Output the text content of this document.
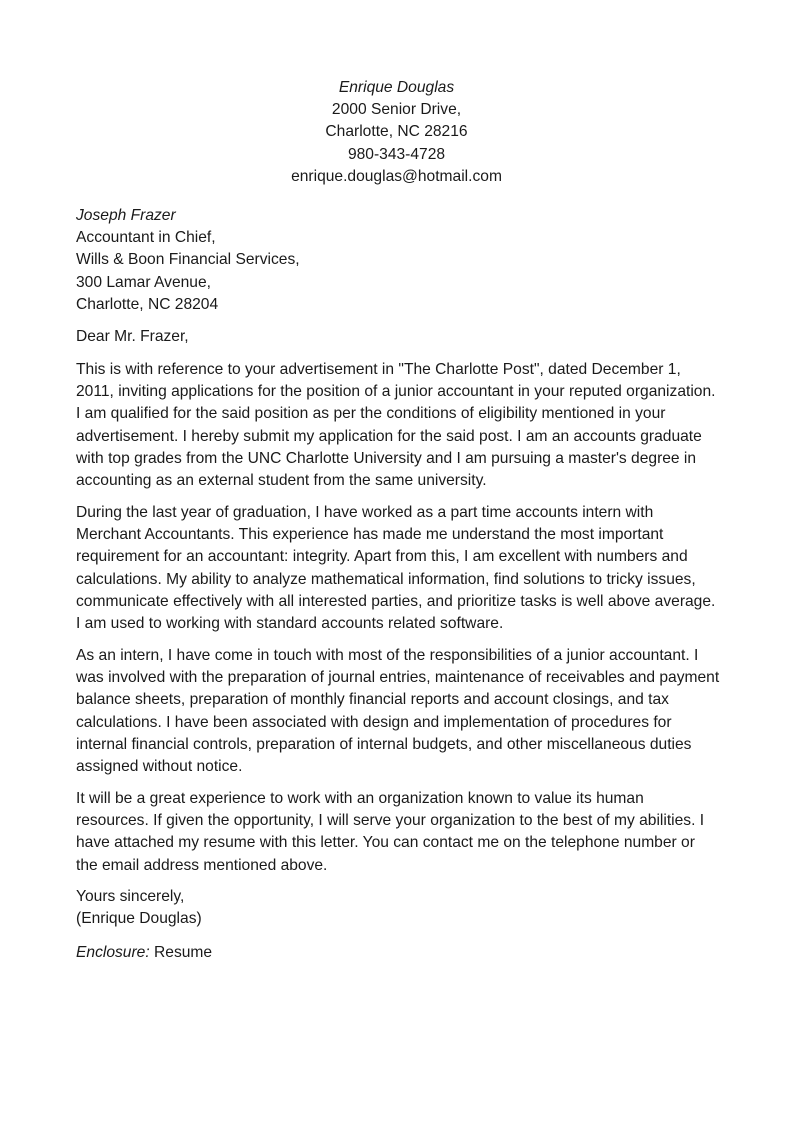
Enrique Douglas
2000 Senior Drive,
Charlotte, NC 28216
980-343-4728
enrique.douglas@hotmail.com
Joseph Frazer
Accountant in Chief,
Wills & Boon Financial Services,
300 Lamar Avenue,
Charlotte, NC 28204
Dear Mr. Frazer,

This is with reference to your advertisement in "The Charlotte Post", dated December 1, 2011, inviting applications for the position of a junior accountant in your reputed organization. I am qualified for the said position as per the conditions of eligibility mentioned in your advertisement. I hereby submit my application for the said post. I am an accounts graduate with top grades from the UNC Charlotte University and I am pursuing a master's degree in accounting as an external student from the same university.

During the last year of graduation, I have worked as a part time accounts intern with Merchant Accountants. This experience has made me understand the most important requirement for an accountant: integrity. Apart from this, I am excellent with numbers and calculations. My ability to analyze mathematical information, find solutions to tricky issues, communicate effectively with all interested parties, and prioritize tasks is well above average. I am used to working with standard accounts related software.

As an intern, I have come in touch with most of the responsibilities of a junior accountant. I was involved with the preparation of journal entries, maintenance of receivables and payment balance sheets, preparation of monthly financial reports and account closings, and tax calculations. I have been associated with design and implementation of procedures for internal financial controls, preparation of internal budgets, and other miscellaneous duties assigned without notice.

It will be a great experience to work with an organization known to value its human resources. If given the opportunity, I will serve your organization to the best of my abilities. I have attached my resume with this letter. You can contact me on the telephone number or the email address mentioned above.

Yours sincerely,
(Enrique Douglas)
Enclosure: Resume
